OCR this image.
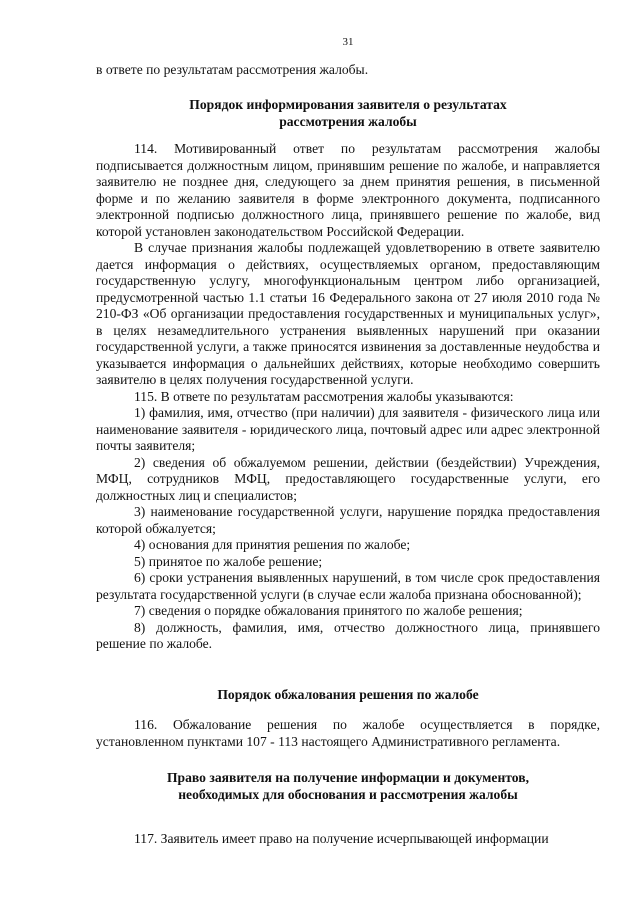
31

в ответе по результатам рассмотрения жалобы.

Порядок информирования заявителя о результатах

рассмотрения жалобы

114. Мотивированный ответ по результатам рассмотрения жалобы подписывается должностным лицом, принявшим решение по жалобе, и направляется заявителю не позднее дня, следующего за днем принятия решения, в письменной форме и по желанию заявителя в форме электронного документа, подписанного электронной подписью должностного лица, принявшего решение по жалобе, вид которой установлен законодательством Российской Федерации.

В случае признания жалобы подлежащей удовлетворению в ответе заявителю дается информация о действиях, осуществляемых органом, предоставляющим государственную услугу, многофункциональным центром либо организацией, предусмотренной частью 1.1 статьи 16 Федерального закона от 27 июля 2010 года № 210-ФЗ «Об организации предоставления государственных и муниципальных услуг», в целях незамедлительного устранения выявленных нарушений при оказании государственной услуги, а также приносятся извинения за доставленные неудобства и указывается информация о дальнейших действиях, которые необходимо совершить заявителю в целях получения государственной услуги.

115. В ответе по результатам рассмотрения жалобы указываются:

1) фамилия, имя, отчество (при наличии) для заявителя - физического лица или наименование заявителя - юридического лица, почтовый адрес или адрес электронной почты заявителя;

2) сведения об обжалуемом решении, действии (бездействии) Учреждения, МФЦ, сотрудников МФЦ, предоставляющего государственные услуги, его должностных лиц и специалистов;

3) наименование государственной услуги, нарушение порядка предоставления которой обжалуется;

4) основания для принятия решения по жалобе;

5) принятое по жалобе решение;

6) сроки устранения выявленных нарушений, в том числе срок предоставления результата государственной услуги (в случае если жалоба признана обоснованной);

7) сведения о порядке обжалования принятого по жалобе решения;

8) должность, фамилия, имя, отчество должностного лица, принявшего решение по жалобе.

Порядок обжалования решения по жалобе

116. Обжалование решения по жалобе осуществляется в порядке, установленном пунктами 107 - 113 настоящего Административного регламента.

Право заявителя на получение информации и документов,

необходимых для обоснования и рассмотрения жалобы

117. Заявитель имеет право на получение исчерпывающей информации
